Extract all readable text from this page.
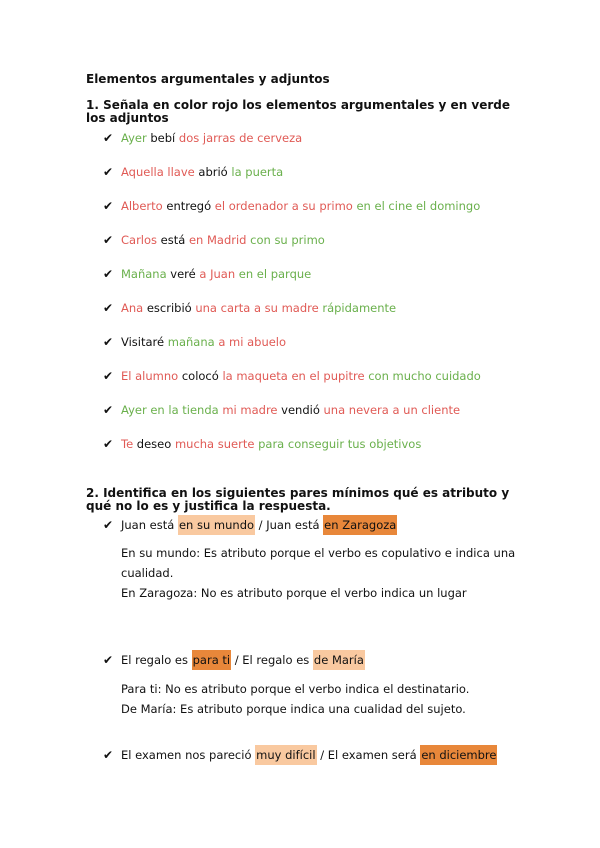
Elementos argumentales y adjuntos
1. Señala en color rojo los elementos argumentales y en verde los adjuntos
✔ Ayer bebí dos jarras de cerveza
✔ Aquella llave abrió la puerta
✔ Alberto entregó el ordenador a su primo en el cine el domingo
✔ Carlos está en Madrid con su primo
✔ Mañana veré a Juan en el parque
✔ Ana escribió una carta a su madre rápidamente
✔ Visitaré mañana a mi abuelo
✔ El alumno colocó la maqueta en el pupitre con mucho cuidado
✔ Ayer en la tienda mi madre vendió una nevera a un cliente
✔ Te deseo mucha suerte para conseguir tus objetivos
2. Identifica en los siguientes pares mínimos qué es atributo y qué no lo es y justifica la respuesta.
✔ Juan está en su mundo / Juan está en Zaragoza
En su mundo: Es atributo porque el verbo es copulativo e indica una cualidad.
En Zaragoza: No es atributo porque el verbo indica un lugar
✔ El regalo es para ti / El regalo es de María
Para ti: No es atributo porque el verbo indica el destinatario.
De María: Es atributo porque indica una cualidad del sujeto.
✔ El examen nos pareció muy difícil / El examen será en diciembre
